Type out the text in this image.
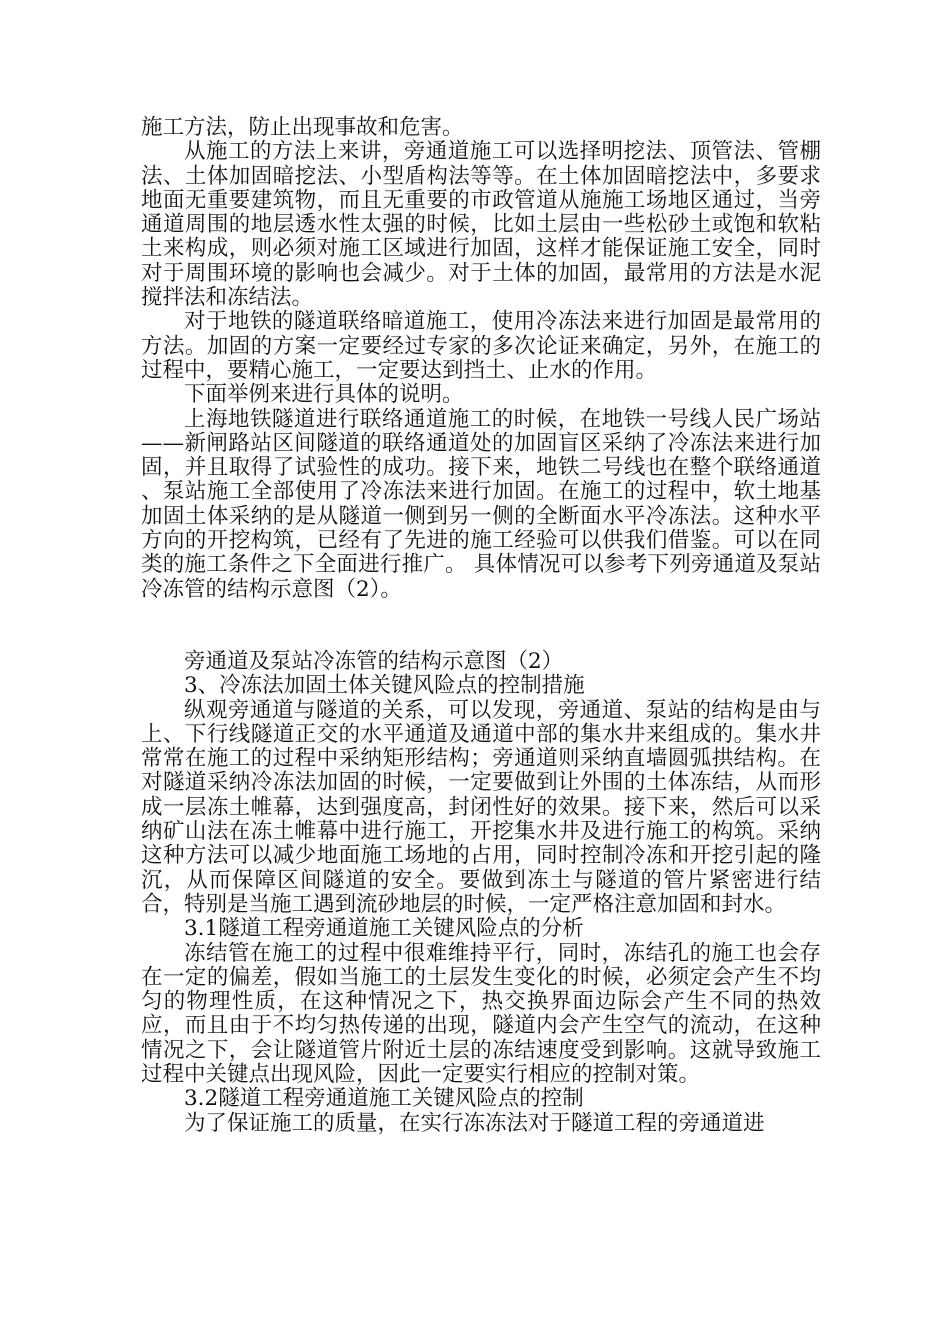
施工方法，防止出现事故和危害。

从施工的方法上来讲，旁通道施工可以选择明挖法、顶管法、管棚法、土体加固暗挖法、小型盾构法等等。在土体加固暗挖法中，多要求地面无重要建筑物，而且无重要的市政管道从施施工场地区通过，当旁通道周围的地层透水性太强的时候，比如土层由一些松砂土或饱和软粘土来构成，则必须对施工区域进行加固，这样才能保证施工安全，同时对于周围环境的影响也会减少。对于土体的加固，最常用的方法是水泥搅拌法和冻结法。

对于地铁的隧道联络暗道施工，使用冷冻法来进行加固是最常用的方法。加固的方案一定要经过专家的多次论证来确定，另外，在施工的过程中，要精心施工，一定要达到挡土、止水的作用。

下面举例来进行具体的说明。

上海地铁隧道进行联络通道施工的时候，在地铁一号线人民广场站——新闸路站区间隧道的联络通道处的加固盲区采纳了冷冻法来进行加固，并且取得了试验性的成功。接下来，地铁二号线也在整个联络通道 、泵站施工全部使用了冷冻法来进行加固。在施工的过程中，软土地基加固土体采纳的是从隧道一侧到另一侧的全断面水平冷冻法。这种水平方向的开挖构筑，已经有了先进的施工经验可以供我们借鉴。可以在同类的施工条件之下全面进行推广。 具体情况可以参考下列旁通道及泵站冷冻管的结构示意图（2）。

旁通道及泵站冷冻管的结构示意图（2）

3、冷冻法加固土体关键风险点的控制措施

纵观旁通道与隧道的关系，可以发现，旁通道、泵站的结构是由与上、下行线隧道正交的水平通道及通道中部的集水井来组成的。集水井常常在施工的过程中采纳矩形结构；旁通道则采纳直墙圆弧拱结构。在对隧道采纳冷冻法加固的时候，一定要做到让外围的土体冻结，从而形成一层冻土帷幕，达到强度高，封闭性好的效果。接下来，然后可以采纳矿山法在冻土帷幕中进行施工，开挖集水井及进行施工的构筑。采纳这种方法可以减少地面施工场地的占用，同时控制冷冻和开挖引起的隆沉，从而保障区间隧道的安全。要做到冻土与隧道的管片紧密进行结合，特别是当施工遇到流砂地层的时候，一定严格注意加固和封水。

3.1隧道工程旁通道施工关键风险点的分析

冻结管在施工的过程中很难维持平行，同时，冻结孔的施工也会存在一定的偏差，假如当施工的土层发生变化的时候，必须定会产生不均匀的物理性质，在这种情况之下，热交换界面边际会产生不同的热效应，而且由于不均匀热传递的出现，隧道内会产生空气的流动，在这种情况之下，会让隧道管片附近土层的冻结速度受到影响。这就导致施工过程中关键点出现风险，因此一定要实行相应的控制对策。

3.2隧道工程旁通道施工关键风险点的控制

为了保证施工的质量，在实行冻冻法对于隧道工程的旁通道进
